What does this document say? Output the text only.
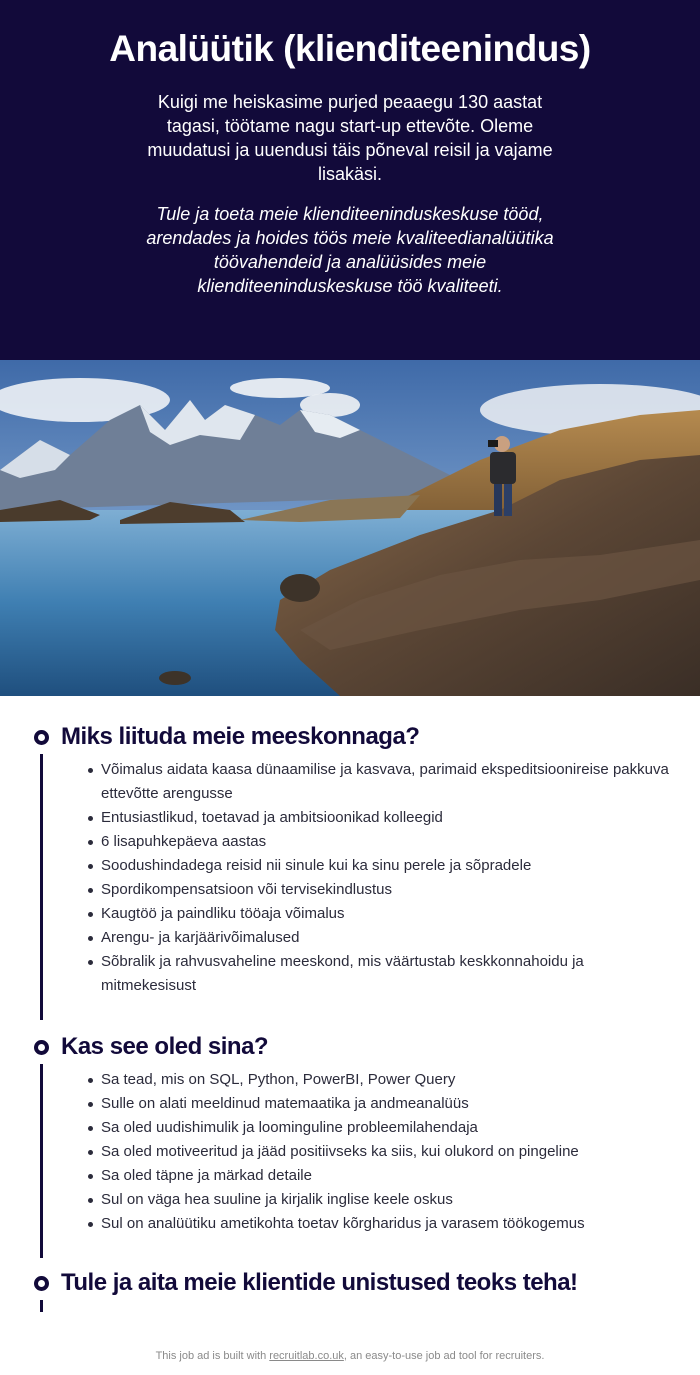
Analüütik (klienditeenindus)

Kuigi me heiskasime purjed peaaegu 130 aastat tagasi, töötame nagu start-up ettevõte. Oleme muudatusi ja uuendusi täis põneval reisil ja vajame lisakäsi.

Tule ja toeta meie klienditeeninduskeskuse tööd, arendades ja hoides töös meie kvaliteedianalüütika töövahendeid ja analüüsides meie klienditeeninduskeskuse töö kvaliteeti.

Miks liituda meie meeskonnaga?
Võimalus aidata kaasa dünaamilise ja kasvava, parimaid ekspeditsioonireise pakkuva ettevõtte arengusse
Entusiastlikud, toetavad ja ambitsioonikad kolleegid
6 lisapuhkepäeva aastas
Soodushindadega reisid nii sinule kui ka sinu perele ja sõpradele
Spordikompensatsioon või tervisekindlustus
Kaugtöö ja paindliku tööaja võimalus
Arengu- ja karjäärivõimalused
Sõbralik ja rahvusvaheline meeskond, mis väärtustab keskkonnahoidu ja mitmekesisust
Kas see oled sina?
Sa tead, mis on SQL, Python, PowerBI, Power Query
Sulle on alati meeldinud matemaatika ja andmeanalüüs
Sa oled uudishimulik ja loominguline probleemilahendaja
Sa oled motiveeritud ja jääd positiivseks ka siis, kui olukord on pingeline
Sa oled täpne ja märkad detaile
Sul on väga hea suuline ja kirjalik inglise keele oskus
Sul on analüütiku ametikohta toetav kõrgharidus ja varasem töökogemus
Tule ja aita meie klientide unistused teoks teha!
This job ad is built with recruitlab.co.uk, an easy-to-use job ad tool for recruiters.
